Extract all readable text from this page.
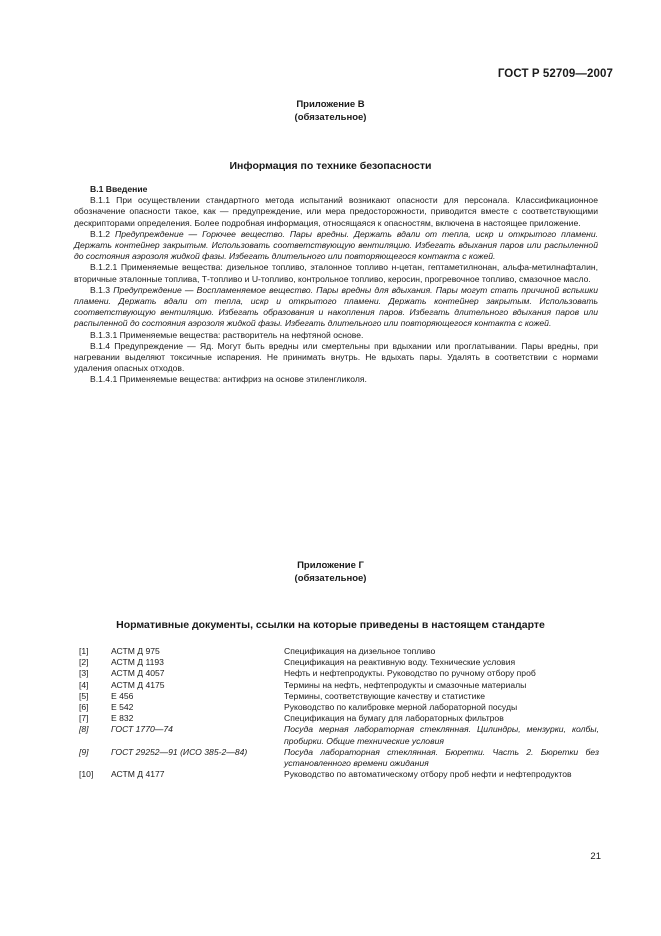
ГОСТ Р 52709—2007
Приложение В
(обязательное)
Информация по технике безопасности

В.1 Введение

В.1.1 При осуществлении стандартного метода испытаний возникают опасности для персонала. Классификационное обозначение опасности такое, как — предупреждение, или мера предосторожности, приводится вместе с соответствующими дескрипторами определения. Более подробная информация, относящаяся к опасностям, включена в настоящее приложение.

В.1.2 Предупреждение — Горючее вещество. Пары вредны. Держать вдали от тепла, искр и открытого пламени. Держать контейнер закрытым. Использовать соответствующую вентиляцию. Избегать вдыхания паров или распыленной до состояния аэрозоля жидкой фазы. Избегать длительного или повторяющегося контакта с кожей.

В.1.2.1 Применяемые вещества: дизельное топливо, эталонное топливо н-цетан, гептаметилнонан, альфа-метилнафталин, вторичные эталонные топлива, Т-топливо и U-топливо, контрольное топливо, керосин, прогревочное топливо, смазочное масло.

В.1.3 Предупреждение — Воспламеняемое вещество. Пары вредны для вдыхания. Пары могут стать причиной вспышки пламени. Держать вдали от тепла, искр и открытого пламени. Держать контейнер закрытым. Использовать соответствующую вентиляцию. Избегать образования и накопления паров. Избегать длительного вдыхания паров или распыленной до состояния аэрозоля жидкой фазы. Избегать длительного или повторяющегося контакта с кожей.

В.1.3.1 Применяемые вещества: растворитель на нефтяной основе.

В.1.4 Предупреждение — Яд. Могут быть вредны или смертельны при вдыхании или проглатывании. Пары вредны, при нагревании выделяют токсичные испарения. Не принимать внутрь. Не вдыхать пары. Удалять в соответствии с нормами удаления опасных отходов.

В.1.4.1 Применяемые вещества: антифриз на основе этиленгликоля.

Приложение Г
(обязательное)
Нормативные документы, ссылки на которые приведены в настоящем стандарте
[1]	АСТМ Д 975	Спецификация на дизельное топливо
[2]	АСТМ Д 1193	Спецификация на реактивную воду. Технические условия
[3]	АСТМ Д 4057	Нефть и нефтепродукты. Руководство по ручному отбору проб
[4]	АСТМ Д 4175	Термины на нефть, нефтепродукты и смазочные материалы
[5]	Е 456	Термины, соответствующие качеству и статистике
[6]	Е 542	Руководство по калибровке мерной лабораторной посуды
[7]	Е 832	Спецификация на бумагу для лабораторных фильтров
[8]	ГОСТ 1770—74	Посуда мерная лабораторная стеклянная. Цилиндры, мензурки, колбы, пробирки. Общие технические условия
[9]	ГОСТ 29252—91 (ИСО 385-2—84)	Посуда лабораторная стеклянная. Бюретки. Часть 2. Бюретки без установленного времени ожидания
[10]	АСТМ Д 4177	Руководство по автоматическому отбору проб нефти и нефтепродуктов
21
